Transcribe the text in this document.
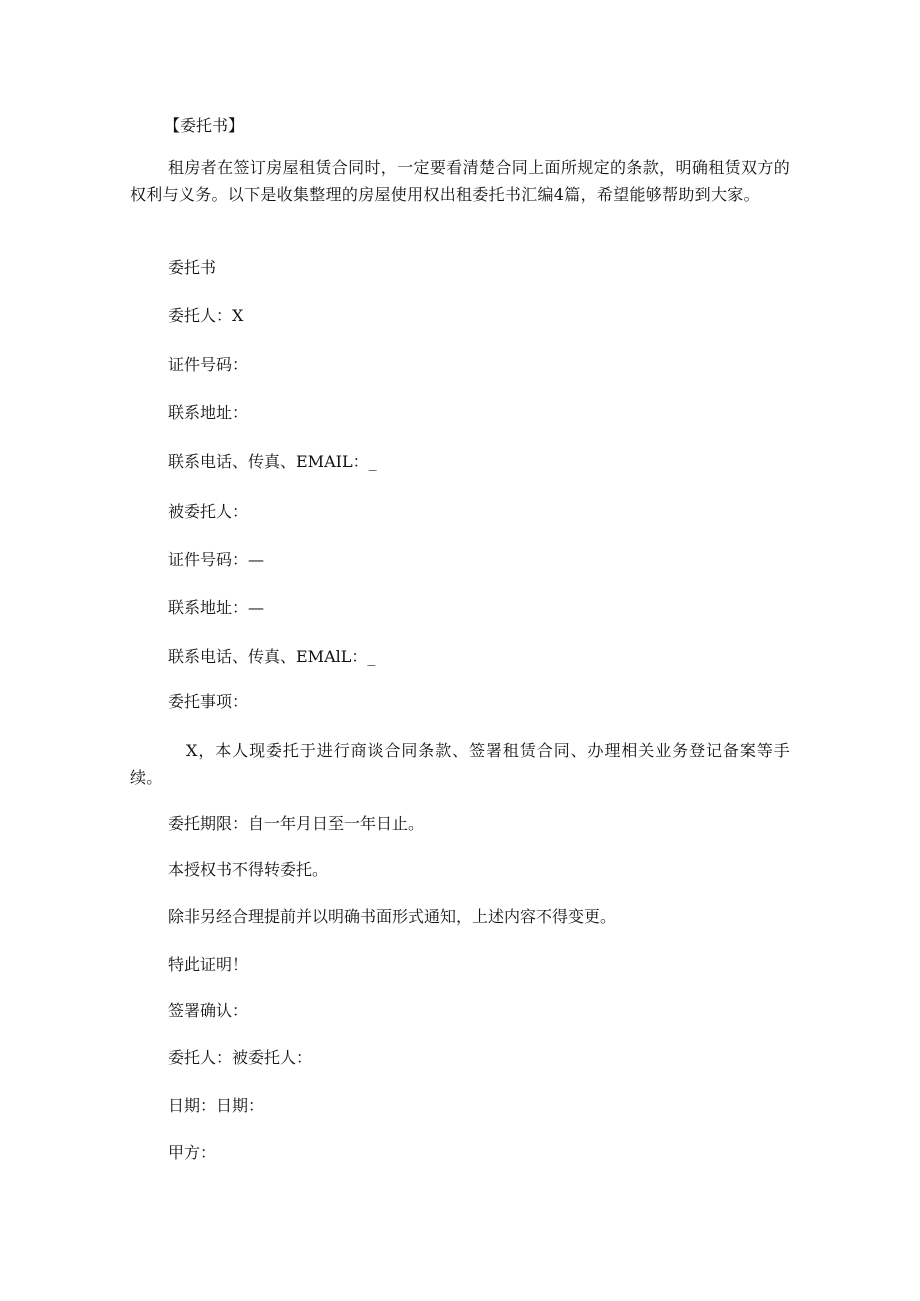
【委托书】
租房者在签订房屋租赁合同时，一定要看清楚合同上面所规定的条款，明确租赁双方的权利与义务。以下是收集整理的房屋使用权出租委托书汇编4篇，希望能够帮助到大家。
委托书
委托人：X
证件号码：
联系地址：
联系电话、传真、EMAIL：_
被委托人：
证件号码：—
联系地址：—
联系电话、传真、EMAlL：_
委托事项：
X，本人现委托于进行商谈合同条款、签署租赁合同、办理相关业务登记备案等手续。
委托期限：自一年月日至一年日止。
本授权书不得转委托。
除非另经合理提前并以明确书面形式通知，上述内容不得变更。
特此证明！
签署确认：
委托人：被委托人：
日期：日期：
甲方：
